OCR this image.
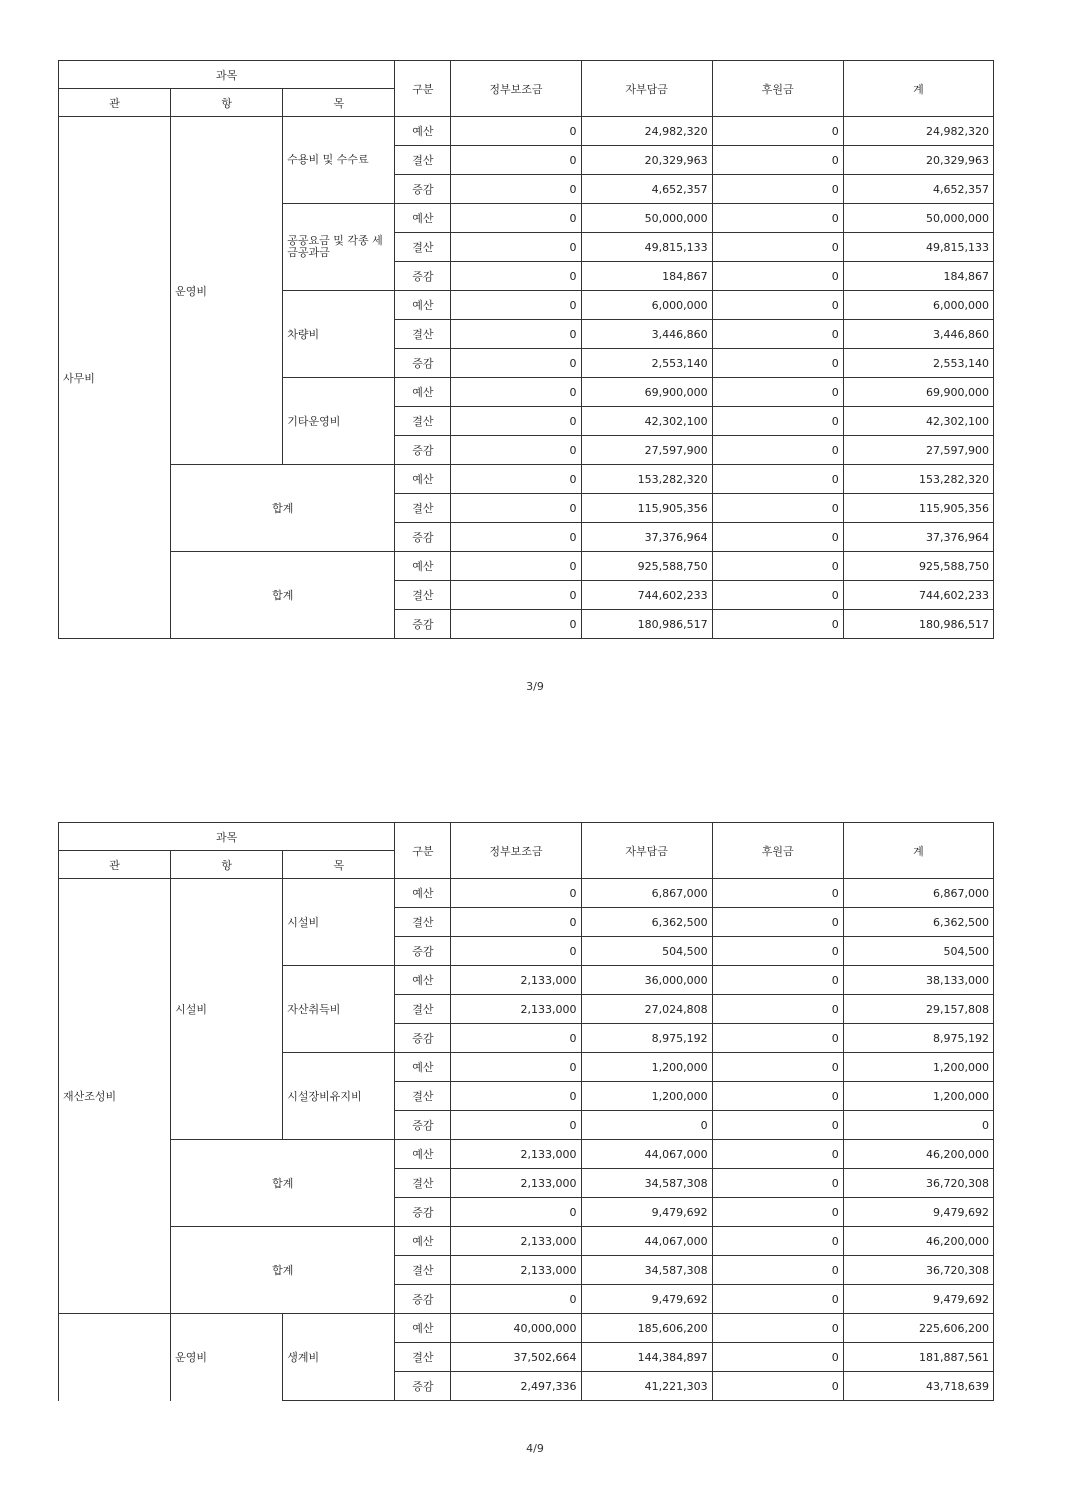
과목			구분	정부보조금	자부담금	후원금	계
관	항	목					
사무비	운영비	수용비 및 수수료	예산	0	24,982,320	0	24,982,320
			결산	0	20,329,963	0	20,329,963
			증감	0	4,652,357	0	4,652,357
		공공요금 및 각종 세금공과금	예산	0	50,000,000	0	50,000,000
			결산	0	49,815,133	0	49,815,133
			증감	0	184,867	0	184,867
		차량비	예산	0	6,000,000	0	6,000,000
			결산	0	3,446,860	0	3,446,860
			증감	0	2,553,140	0	2,553,140
		기타운영비	예산	0	69,900,000	0	69,900,000
			결산	0	42,302,100	0	42,302,100
			증감	0	27,597,900	0	27,597,900
	합계		예산	0	153,282,320	0	153,282,320
			결산	0	115,905,356	0	115,905,356
			증감	0	37,376,964	0	37,376,964
	합계		예산	0	925,588,750	0	925,588,750
			결산	0	744,602,233	0	744,602,233
			증감	0	180,986,517	0	180,986,517
3/9
과목			구분	정부보조금	자부담금	후원금	계
관	항	목					
재산조성비	시설비	시설비	예산	0	6,867,000	0	6,867,000
			결산	0	6,362,500	0	6,362,500
			증감	0	504,500	0	504,500
		자산취득비	예산	2,133,000	36,000,000	0	38,133,000
			결산	2,133,000	27,024,808	0	29,157,808
			증감	0	8,975,192	0	8,975,192
		시설장비유지비	예산	0	1,200,000	0	1,200,000
			결산	0	1,200,000	0	1,200,000
			증감	0	0	0	0
	합계		예산	2,133,000	44,067,000	0	46,200,000
			결산	2,133,000	34,587,308	0	36,720,308
			증감	0	9,479,692	0	9,479,692
	합계		예산	2,133,000	44,067,000	0	46,200,000
			결산	2,133,000	34,587,308	0	36,720,308
			증감	0	9,479,692	0	9,479,692
	운영비	생계비	예산	40,000,000	185,606,200	0	225,606,200
			결산	37,502,664	144,384,897	0	181,887,561
			증감	2,497,336	41,221,303	0	43,718,639
4/9
